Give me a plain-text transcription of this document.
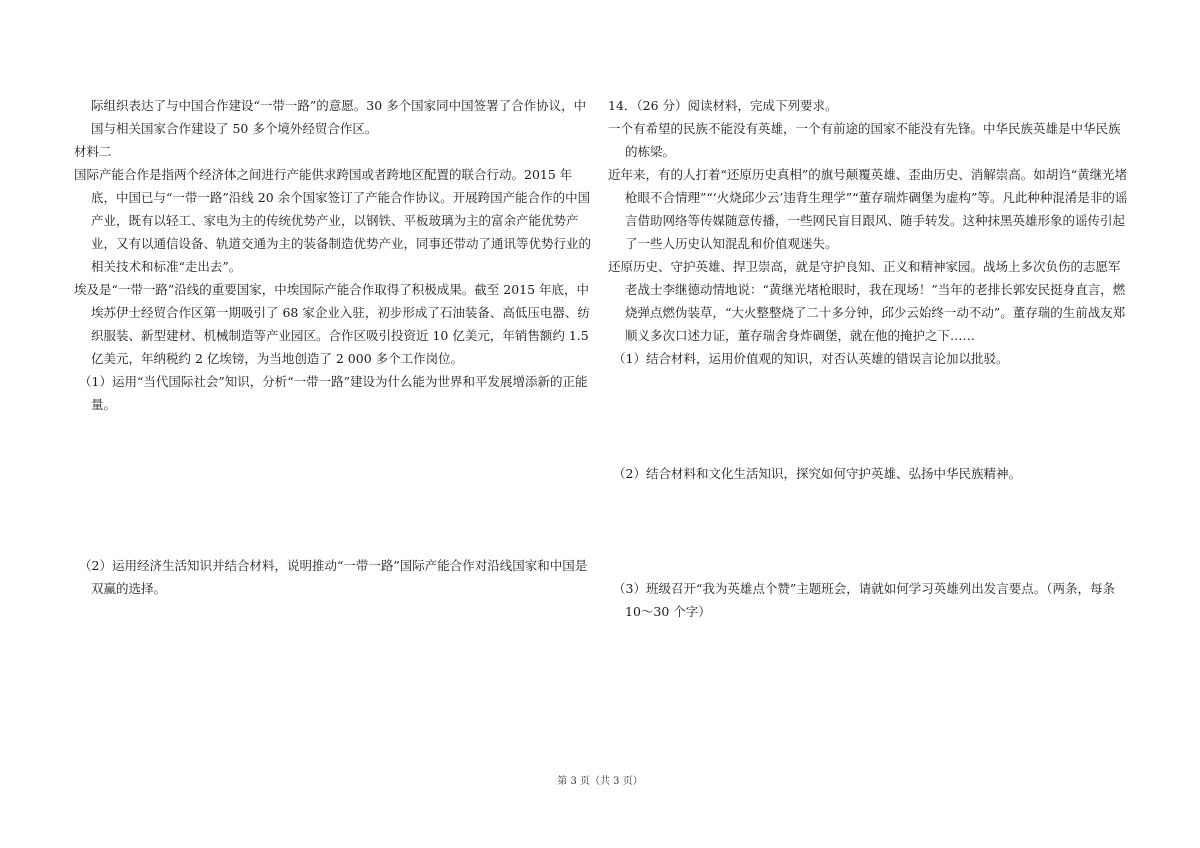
际组织表达了与中国合作建设“一带一路”的意愿。30 多个国家同中国签署了合作协议，中国与相关国家合作建设了 50 多个境外经贸合作区。

材料二

国际产能合作是指两个经济体之间进行产能供求跨国或者跨地区配置的联合行动。2015 年底，中国已与“一带一路”沿线 20 余个国家签订了产能合作协议。开展跨国产能合作的中国产业，既有以轻工、家电为主的传统优势产业，以钢铁、平板玻璃为主的富余产能优势产业，又有以通信设备、轨道交通为主的装备制造优势产业，同事还带动了通讯等优势行业的相关技术和标准“走出去”。

埃及是“一带一路”沿线的重要国家，中埃国际产能合作取得了积极成果。截至 2015 年底，中埃苏伊士经贸合作区第一期吸引了 68 家企业入驻，初步形成了石油装备、高低压电器、纺织服装、新型建材、机械制造等产业园区。合作区吸引投资近 10 亿美元，年销售额约 1.5 亿美元，年纳税约 2 亿埃镑，为当地创造了 2 000 多个工作岗位。

（1）运用“当代国际社会”知识，分析“一带一路”建设为什么能为世界和平发展增添新的正能量。

（2）运用经济生活知识并结合材料，说明推动“一带一路”国际产能合作对沿线国家和中国是双赢的选择。

14．（26 分）阅读材料，完成下列要求。

一个有希望的民族不能没有英雄，一个有前途的国家不能没有先锋。中华民族英雄是中华民族的栋梁。

近年来，有的人打着“还原历史真相”的旗号颠覆英雄、歪曲历史、消解崇高。如胡诌“黄继光堵枪眼不合情理”“‘火烧邱少云’违背生理学”“董存瑞炸碉堡为虚构”等。凡此种种混淆是非的谣言借助网络等传媒随意传播，一些网民盲目跟风、随手转发。这种抹黑英雄形象的谣传引起了一些人历史认知混乱和价值观迷失。

还原历史、守护英雄、捍卫崇高，就是守护良知、正义和精神家园。战场上多次负伤的志愿军老战士李继德动情地说：“黄继光堵枪眼时，我在现场！”当年的老排长郭安民挺身直言，燃烧弹点燃伪装草，“大火整整烧了二十多分钟，邱少云始终一动不动”。董存瑞的生前战友郑顺义多次口述力证，董存瑞舍身炸碉堡，就在他的掩护之下……

（1）结合材料，运用价值观的知识，对否认英雄的错误言论加以批驳。

（2）结合材料和文化生活知识，探究如何守护英雄、弘扬中华民族精神。

（3）班级召开“我为英雄点个赞”主题班会，请就如何学习英雄列出发言要点。（两条，每条 10～30 个字）

第 3 页（共 3 页）
